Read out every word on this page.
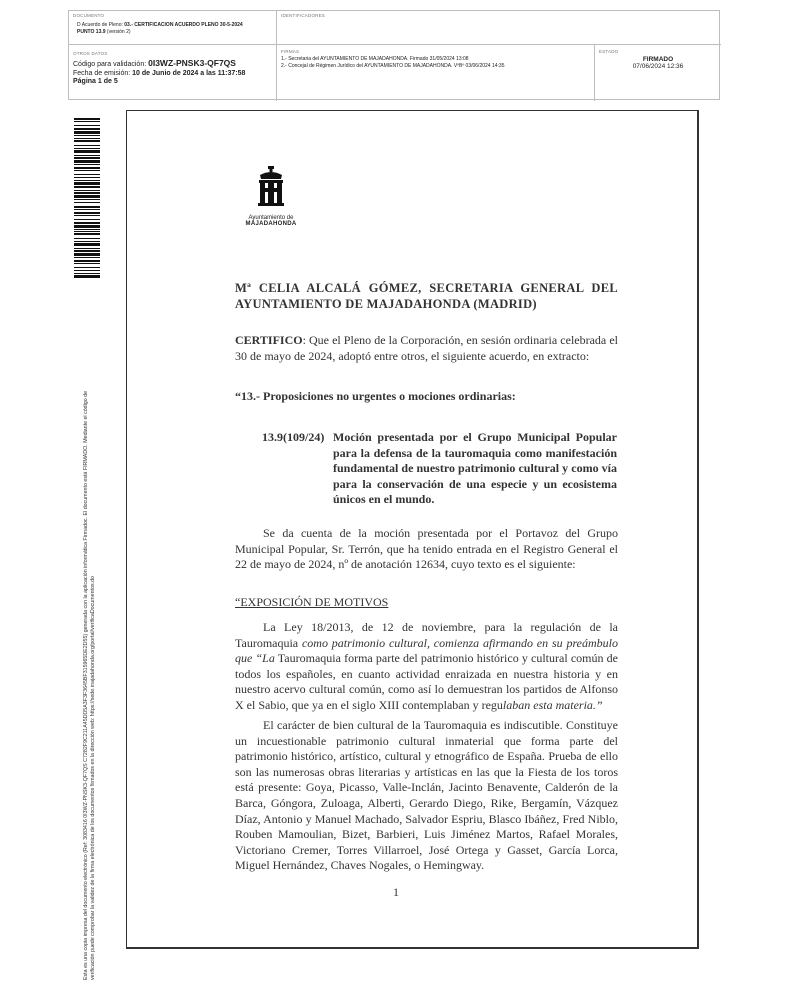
DOCUMENTO
D Acuerdo de Pleno: 03.- CERTIFICACION ACUERDO PLENO 30-5-2024
PUNTO 13.9 (versión 2)
IDENTIFICADORES
OTROS DATOS
Código para validación: 0I3WZ-PNSK3-QF7QS
Fecha de emisión: 10 de Junio de 2024 a las 11:37:58
Página 1 de 5
FIRMAS
1.- Secretaria del AYUNTAMIENTO DE MAJADAHONDA. Firmado 31/05/2024 13:08
2.- Concejal de Régimen Jurídico del AYUNTAMIENTO DE MAJADAHONDA. VºBº 03/06/2024 14:35
ESTADO
FIRMADO
07/06/2024 12:36
Esta es una copia impresa del documento electrónico (Ref: 3083416 0I3WZ-PNSK3-QF7QS C7282F9C211A45DD5A3F3F3645BF315965DE2D55) generada con la aplicación informática Firmadoc. El documento está FIRMADO. Mediante el código de verificación puede comprobar la validez de la firma electrónica de los documentos firmados en la dirección web: https://sede.majadahonda.org/portal/verificaDocumentos.do
Ayuntamiento de
MAJADAHONDA
Mª CELIA ALCALÁ GÓMEZ, SECRETARIA GENERAL DEL AYUNTAMIENTO DE MAJADAHONDA (MADRID)
CERTIFICO: Que el Pleno de la Corporación, en sesión ordinaria celebrada el 30 de mayo de 2024, adoptó entre otros, el siguiente acuerdo, en extracto:
“13.- Proposiciones no urgentes o mociones ordinarias:
13.9(109/24) Moción presentada por el Grupo Municipal Popular para la defensa de la tauromaquia como manifestación fundamental de nuestro patrimonio cultural y como vía para la conservación de una especie y un ecosistema únicos en el mundo.
Se da cuenta de la moción presentada por el Portavoz del Grupo Municipal Popular, Sr. Terrón, que ha tenido entrada en el Registro General el 22 de mayo de 2024, nº de anotación 12634, cuyo texto es el siguiente:
“EXPOSICIÓN DE MOTIVOS
La Ley 18/2013, de 12 de noviembre, para la regulación de la Tauromaquia como patrimonio cultural, comienza afirmando en su preámbulo que “La Tauromaquia forma parte del patrimonio histórico y cultural común de todos los españoles, en cuanto actividad enraizada en nuestra historia y en nuestro acervo cultural común, como así lo demuestran los partidos de Alfonso X el Sabio, que ya en el siglo XIII contemplaban y regulaban esta materia.”
El carácter de bien cultural de la Tauromaquia es indiscutible. Constituye un incuestionable patrimonio cultural inmaterial que forma parte del patrimonio histórico, artístico, cultural y etnográfico de España. Prueba de ello son las numerosas obras literarias y artísticas en las que la Fiesta de los toros está presente: Goya, Picasso, Valle-Inclán, Jacinto Benavente, Calderón de la Barca, Góngora, Zuloaga, Alberti, Gerardo Diego, Rike, Bergamín, Vázquez Díaz, Antonio y Manuel Machado, Salvador Espriu, Blasco Ibáñez, Fred Niblo, Rouben Mamoulian, Bizet, Barbieri, Luis Jiménez Martos, Rafael Morales, Victoriano Cremer, Torres Villarroel, José Ortega y Gasset, García Lorca, Miguel Hernández, Chaves Nogales, o Hemingway.
1
